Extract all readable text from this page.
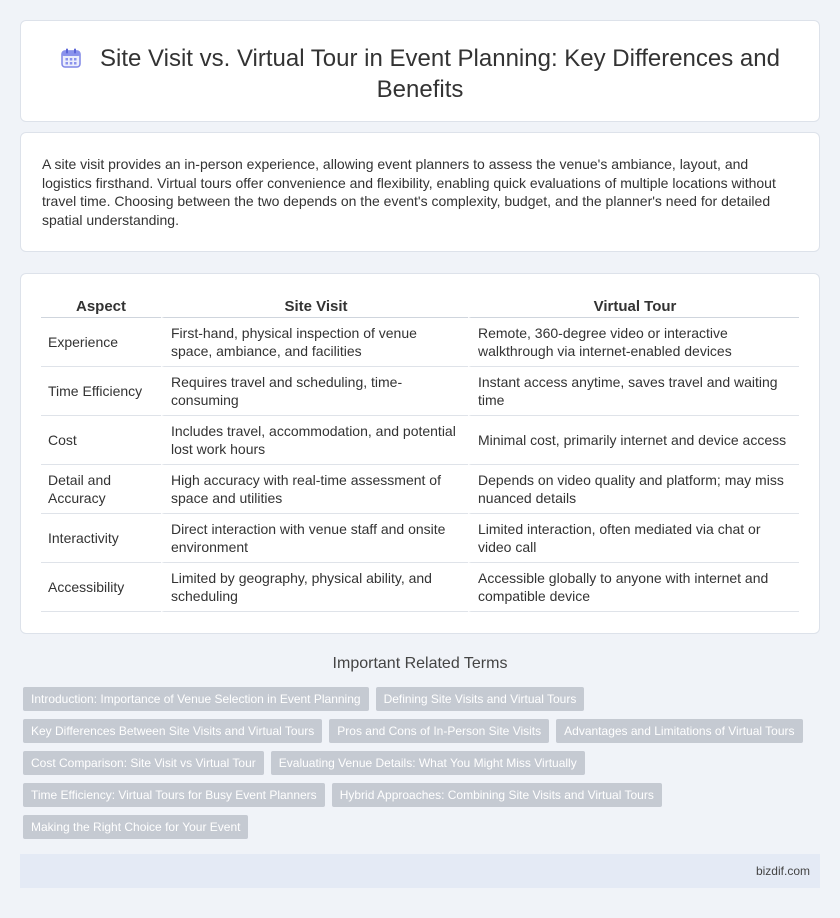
Site Visit vs. Virtual Tour in Event Planning: Key Differences and Benefits

A site visit provides an in-person experience, allowing event planners to assess the venue's ambiance, layout, and logistics firsthand. Virtual tours offer convenience and flexibility, enabling quick evaluations of multiple locations without travel time. Choosing between the two depends on the event's complexity, budget, and the planner's need for detailed spatial understanding.

Aspect	Site Visit	Virtual Tour
Experience	First-hand, physical inspection of venue space, ambiance, and facilities	Remote, 360-degree video or interactive walkthrough via internet-enabled devices
Time Efficiency	Requires travel and scheduling, time-consuming	Instant access anytime, saves travel and waiting time
Cost	Includes travel, accommodation, and potential lost work hours	Minimal cost, primarily internet and device access
Detail and Accuracy	High accuracy with real-time assessment of space and utilities	Depends on video quality and platform; may miss nuanced details
Interactivity	Direct interaction with venue staff and onsite environment	Limited interaction, often mediated via chat or video call
Accessibility	Limited by geography, physical ability, and scheduling	Accessible globally to anyone with internet and compatible device
Important Related Terms
Introduction: Importance of Venue Selection in Event Planning	Defining Site Visits and Virtual Tours
Key Differences Between Site Visits and Virtual Tours	Pros and Cons of In-Person Site Visits	Advantages and Limitations of Virtual Tours
Cost Comparison: Site Visit vs Virtual Tour	Evaluating Venue Details: What You Might Miss Virtually
Time Efficiency: Virtual Tours for Busy Event Planners	Hybrid Approaches: Combining Site Visits and Virtual Tours
Making the Right Choice for Your Event
bizdif.com
